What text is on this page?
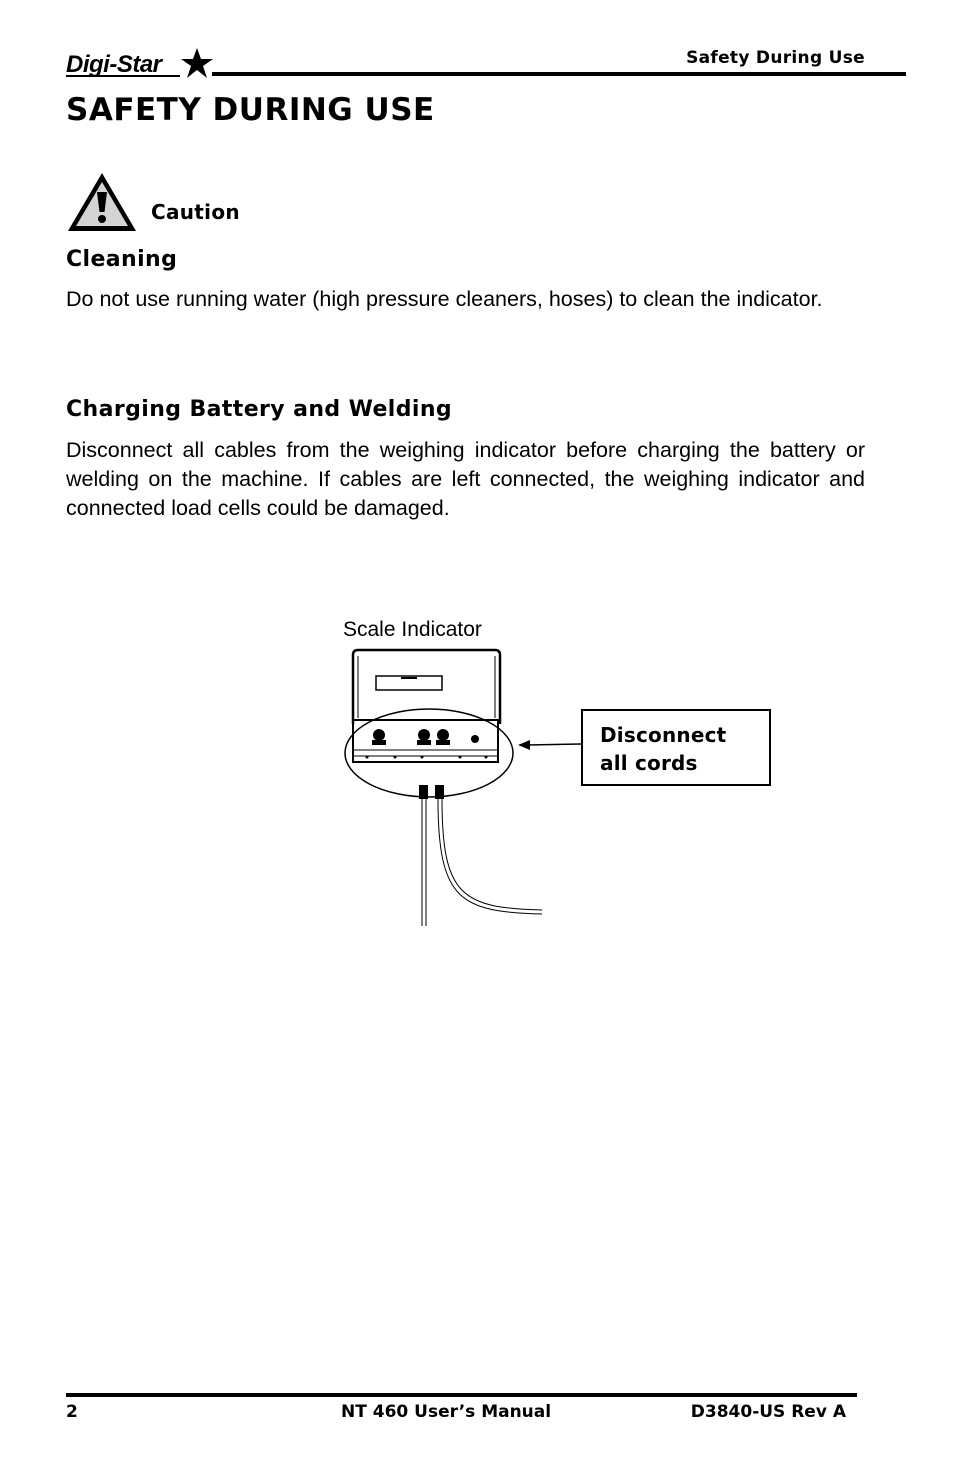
Digi-Star	Safety During Use
SAFETY DURING USE
Caution
Cleaning
Do not use running water (high pressure cleaners, hoses) to clean the indicator.
Charging Battery and Welding
Disconnect all cables from the weighing indicator before charging the battery or welding on the machine. If cables are left connected, the weighing indicator and connected load cells could be damaged.
Scale Indicator
Disconnect
all cords
2	NT 460 User’s Manual	D3840-US Rev A
